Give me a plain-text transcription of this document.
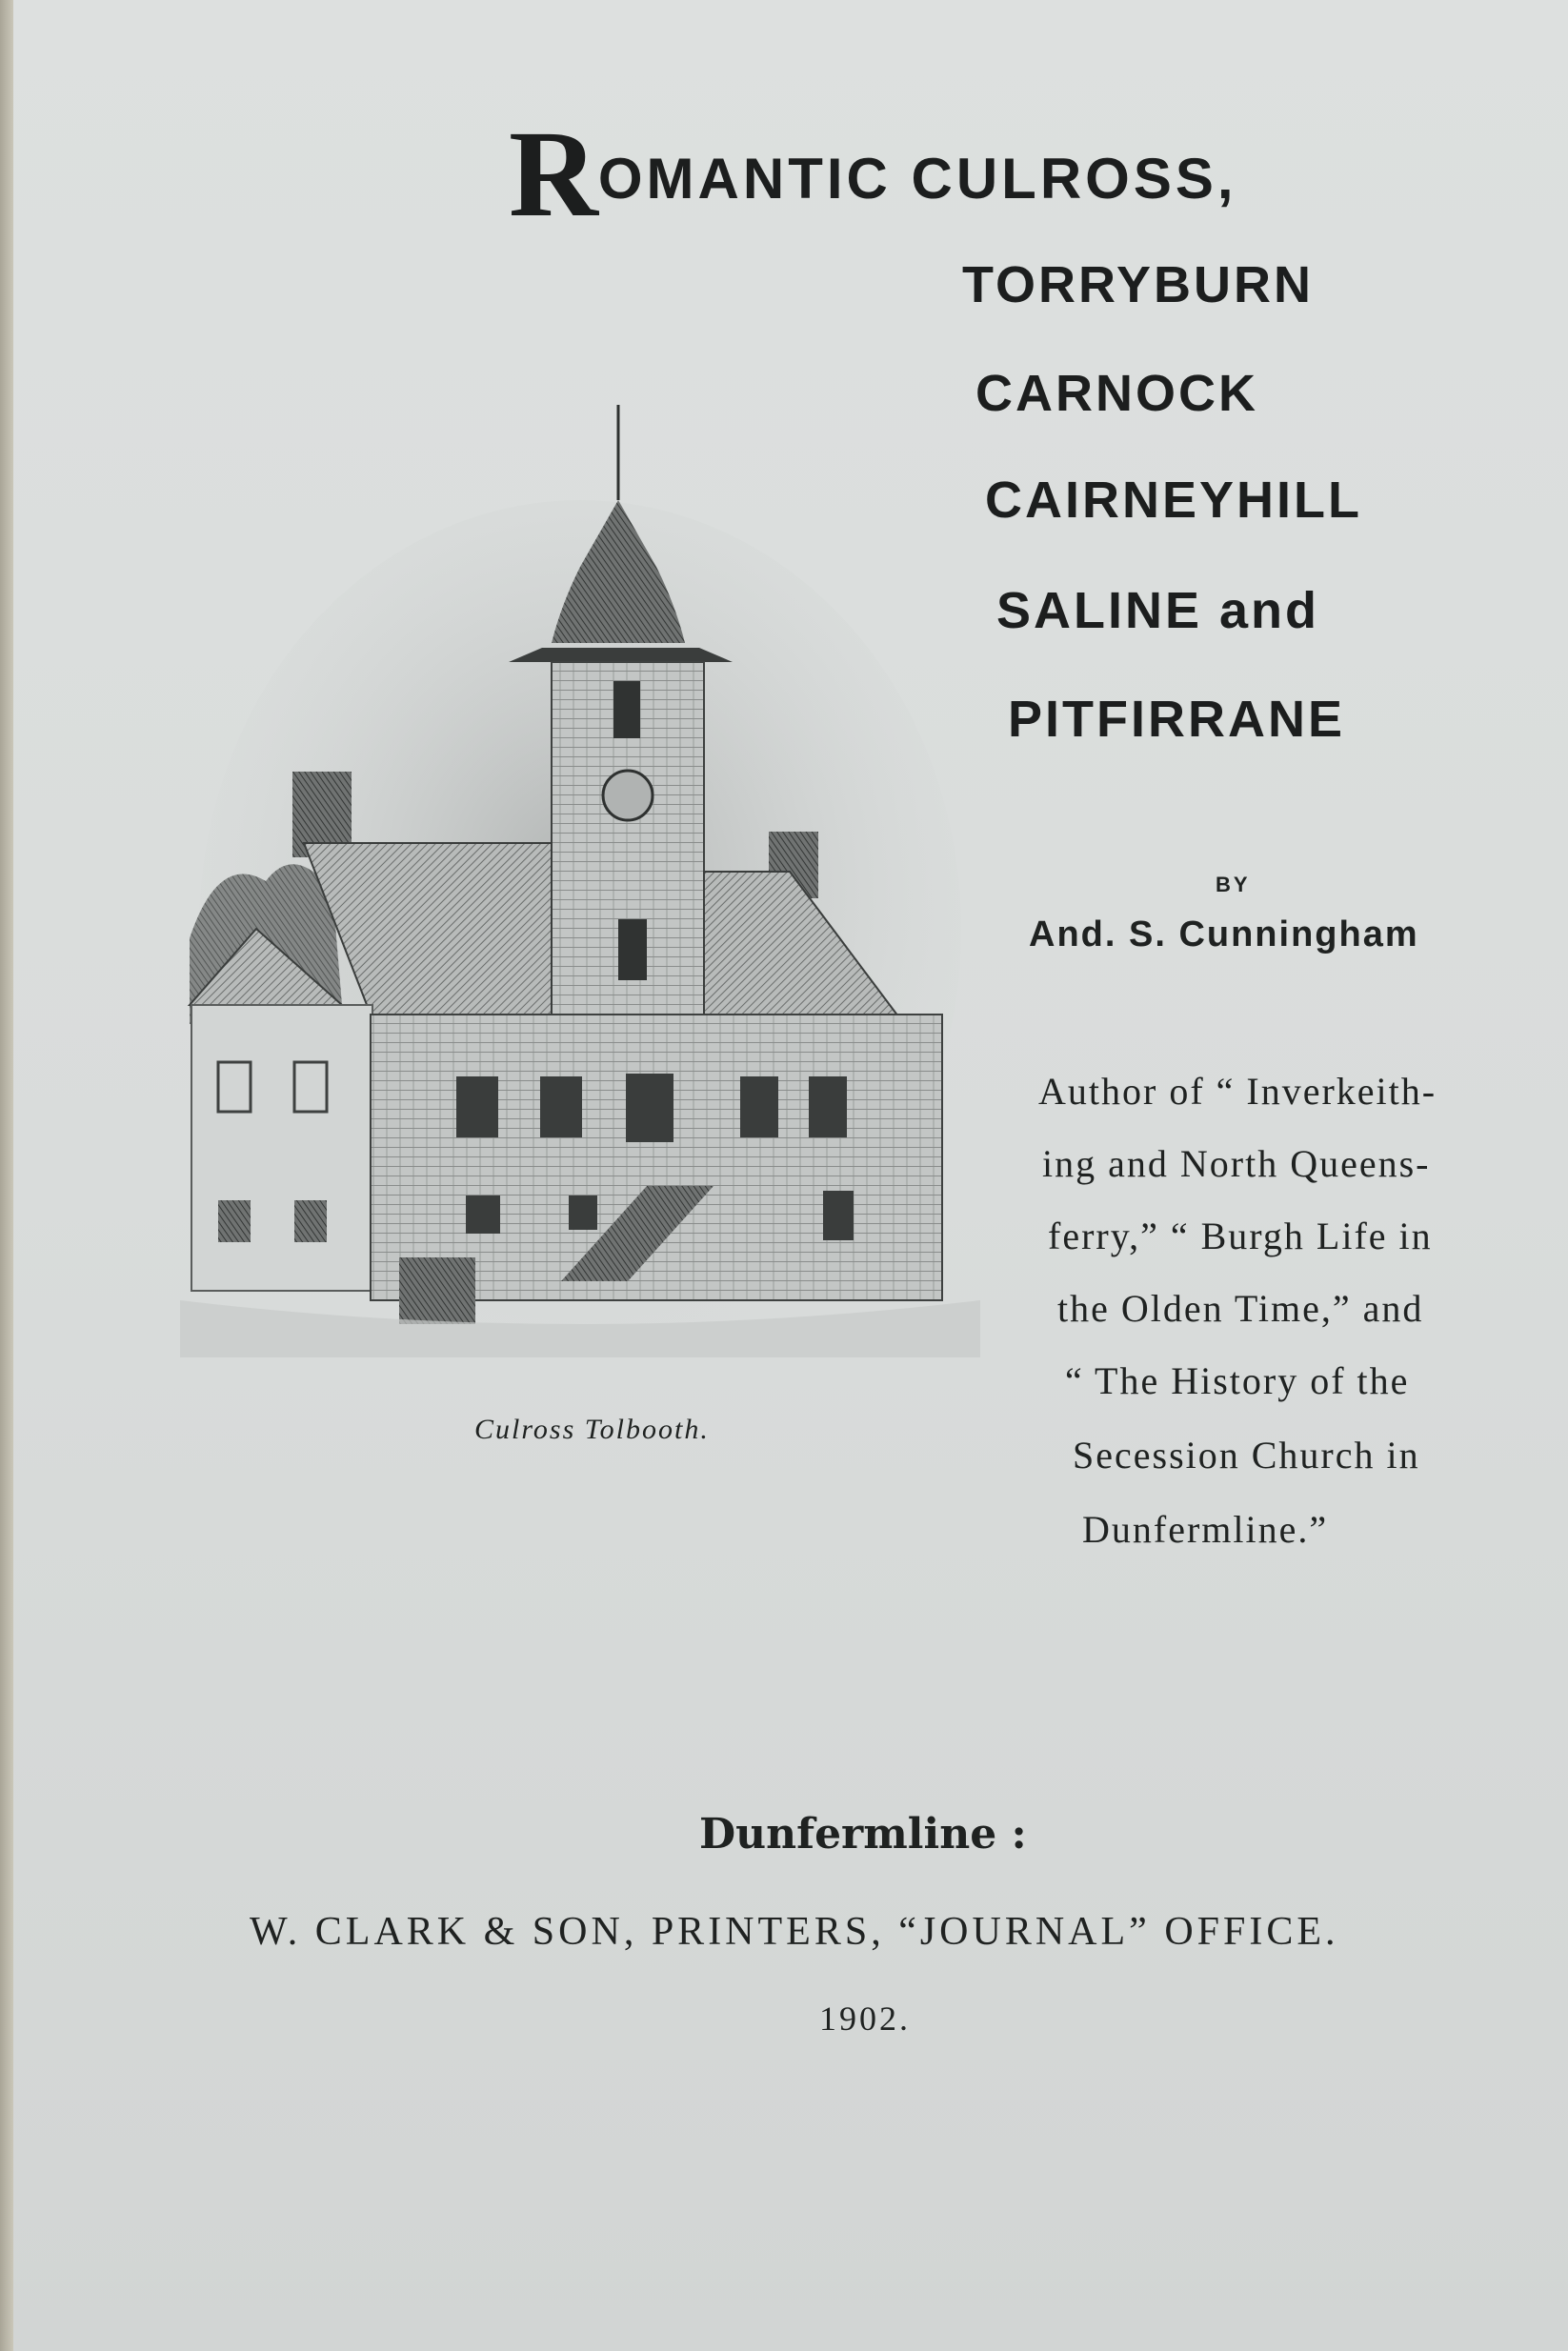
ROMANTIC CULROSS,
TORRYBURN
CARNOCK
CAIRNEYHILL
SALINE and
PITFIRRANE
BY
And. S. Cunningham
Author of “ Inverkeith-
ing and North Queens-
ferry,” “ Burgh Life in
the Olden Time,” and
“ The History of the
Secession Church in
Dunfermline.”
Culross Tolbooth.
Dunfermline :
W. CLARK & SON, PRINTERS, “JOURNAL” OFFICE.
1902.
